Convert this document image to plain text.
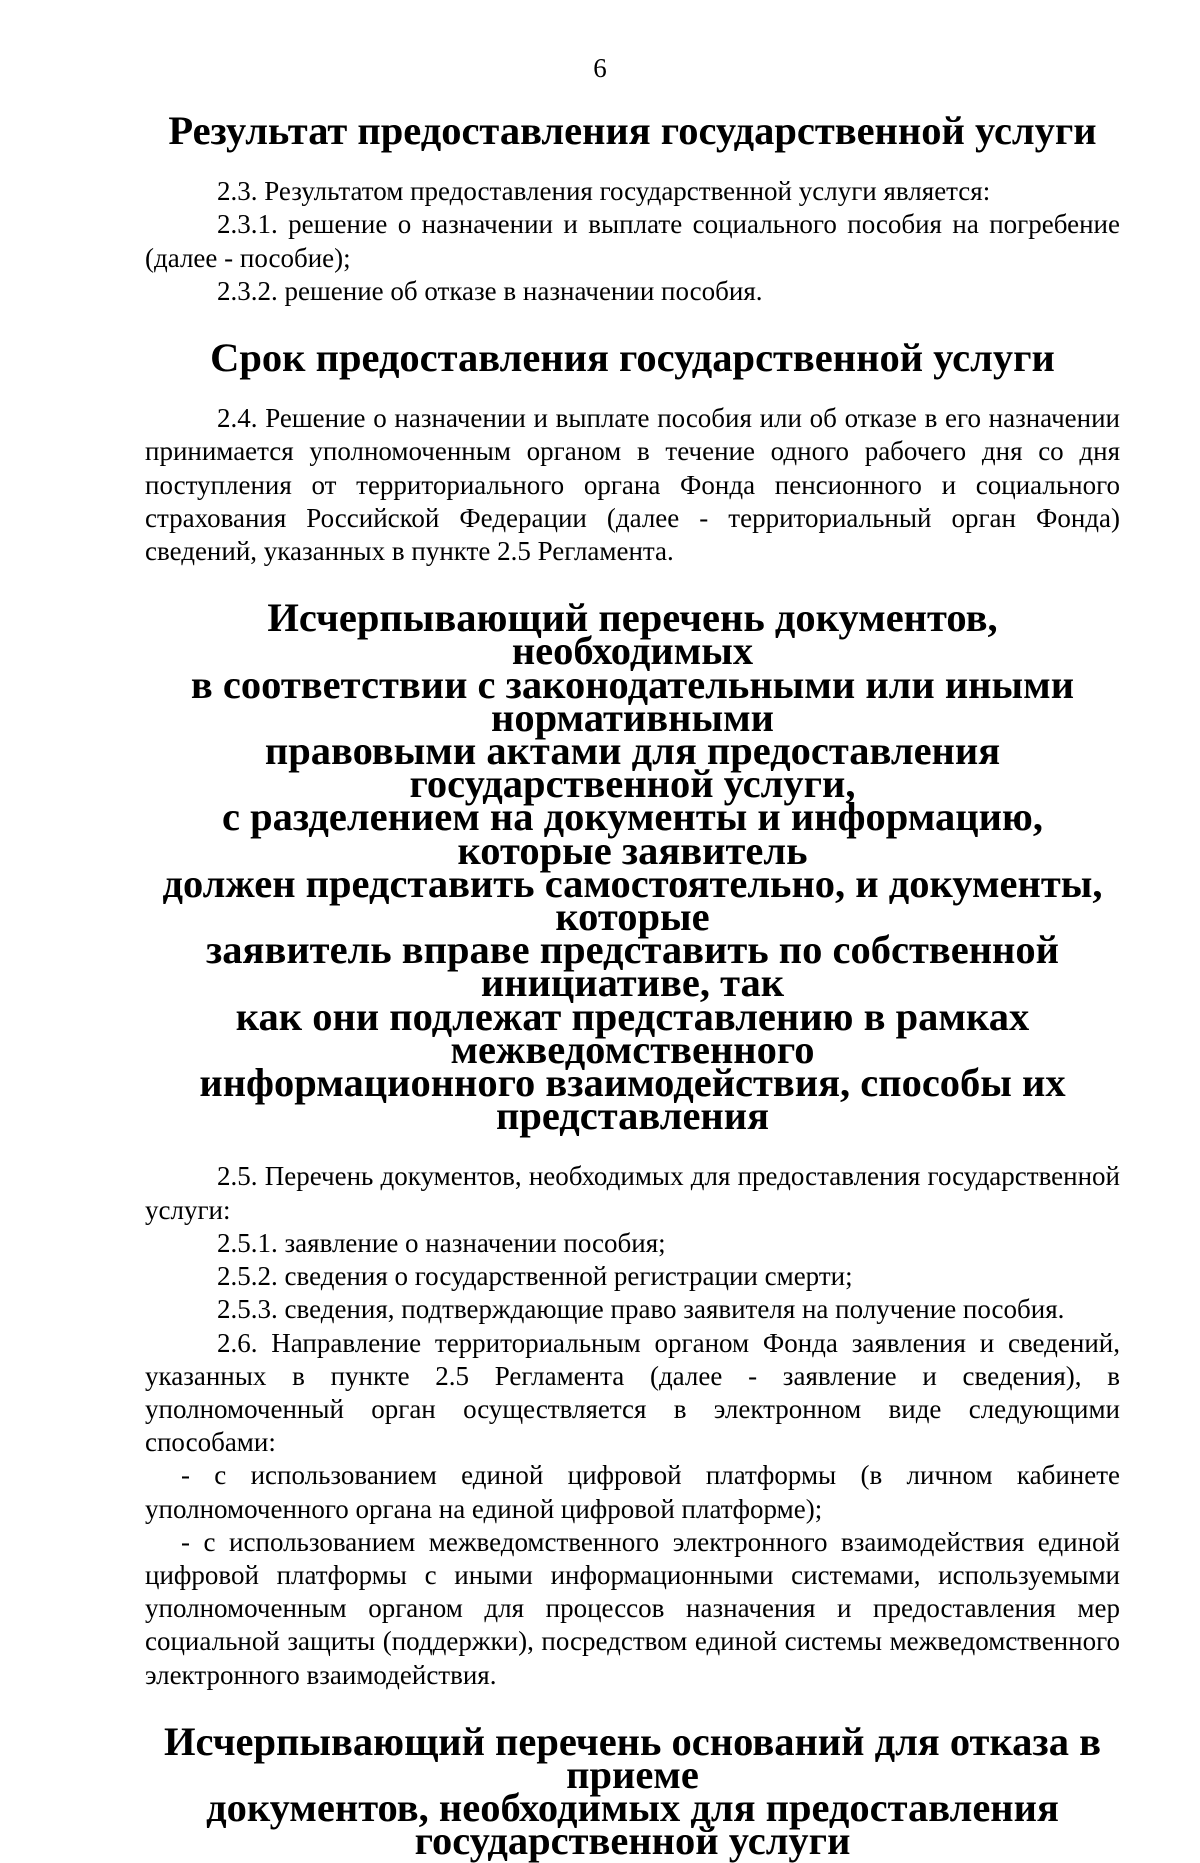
6

Результат предоставления государственной услуги

2.3. Результатом предоставления государственной услуги является:

2.3.1. решение о назначении и выплате социального пособия на погребение (далее - пособие);

2.3.2. решение об отказе в назначении пособия.

Срок предоставления государственной услуги

2.4. Решение о назначении и выплате пособия или об отказе в его назначении принимается уполномоченным органом в течение одного рабочего дня со дня поступления от территориального органа Фонда пенсионного и социального страхования Российской Федерации (далее - территориальный орган Фонда) сведений, указанных в пункте 2.5 Регламента.

Исчерпывающий перечень документов, необходимых
в соответствии с законодательными или иными нормативными
правовыми актами для предоставления государственной услуги,
с разделением на документы и информацию, которые заявитель
должен представить самостоятельно, и документы, которые
заявитель вправе представить по собственной инициативе, так
как они подлежат представлению в рамках межведомственного
информационного взаимодействия, способы их представления

2.5. Перечень документов, необходимых для предоставления государственной услуги:

2.5.1. заявление о назначении пособия;

2.5.2. сведения о государственной регистрации смерти;

2.5.3. сведения, подтверждающие право заявителя на получение пособия.

2.6. Направление территориальным органом Фонда заявления и сведений, указанных в пункте 2.5 Регламента (далее - заявление и сведения), в уполномоченный орган осуществляется в электронном виде следующими способами:

- с использованием единой цифровой платформы (в личном кабинете уполномоченного органа на единой цифровой платформе);

- с использованием межведомственного электронного взаимодействия единой цифровой платформы с иными информационными системами, используемыми уполномоченным органом для процессов назначения и предоставления мер социальной защиты (поддержки), посредством единой системы межведомственного электронного взаимодействия.

Исчерпывающий перечень оснований для отказа в приеме
документов, необходимых для предоставления
государственной услуги
